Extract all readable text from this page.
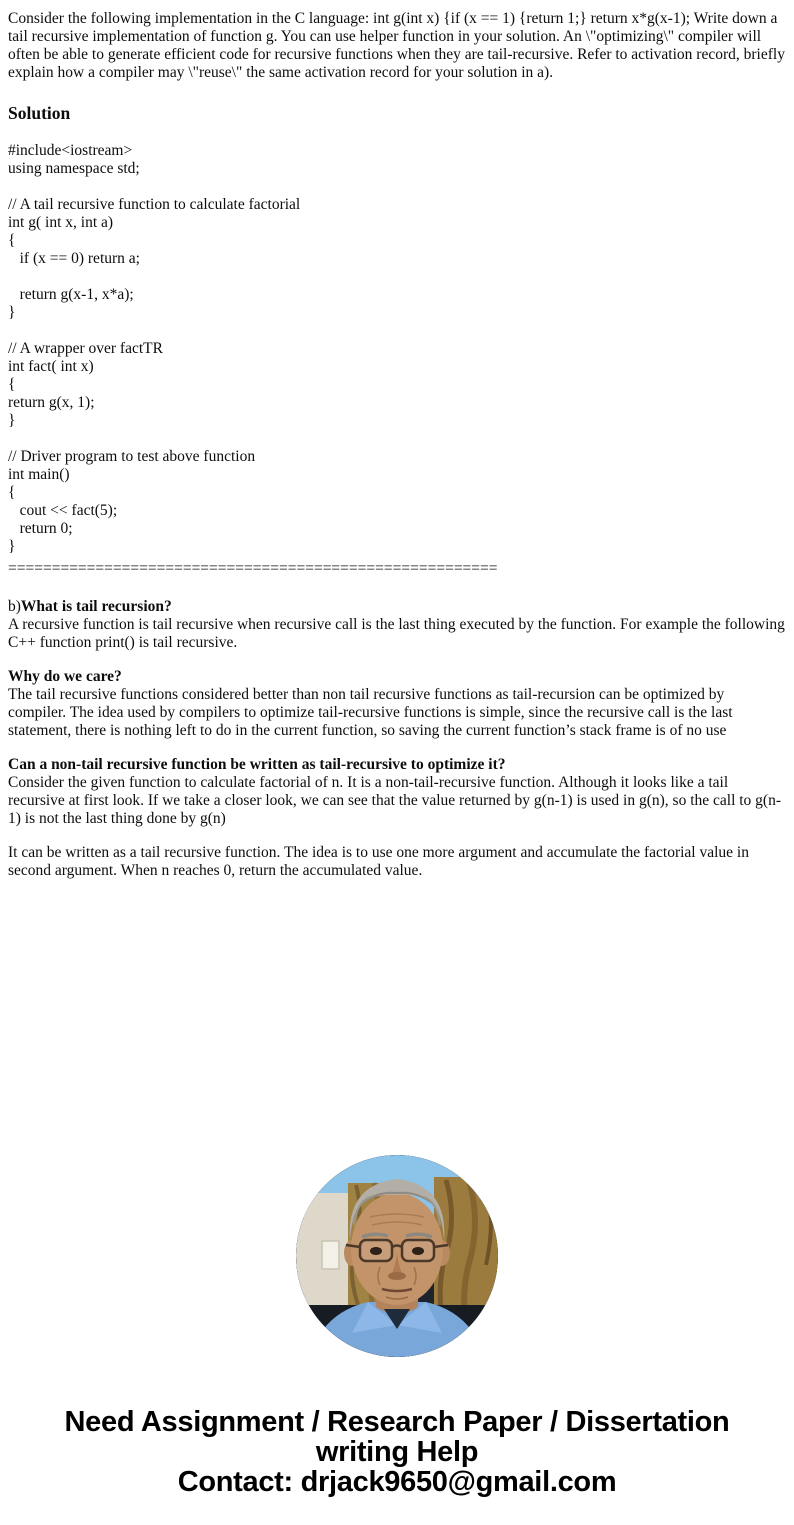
Consider the following implementation in the C language: int g(int x) {if (x == 1) {return 1;} return x*g(x-1); Write down a tail recursive implementation of function g. You can use helper function in your solution. An \"optimizing\" compiler will often be able to generate efficient code for recursive functions when they are tail-recursive. Refer to activation record, briefly explain how a compiler may \"reuse\" the same activation record for your solution in a).

Solution
#include<iostream>
using namespace std;
// A tail recursive function to calculate factorial
int g( int x, int a)
{
if (x == 0) return a;
return g(x-1, x*a);
}
// A wrapper over factTR
int fact( int x)
{
return g(x, 1);
}
// Driver program to test above function
int main()
{
cout << fact(5);
return 0;
}

========================================================

b)What is tail recursion?
A recursive function is tail recursive when recursive call is the last thing executed by the function. For example the following C++ function print() is tail recursive.
Why do we care?
The tail recursive functions considered better than non tail recursive functions as tail-recursion can be optimized by compiler. The idea used by compilers to optimize tail-recursive functions is simple, since the recursive call is the last statement, there is nothing left to do in the current function, so saving the current function’s stack frame is of no use
Can a non-tail recursive function be written as tail-recursive to optimize it?
Consider the given function to calculate factorial of n. It is a non-tail-recursive function. Although it looks like a tail recursive at first look. If we take a closer look, we can see that the value returned by g(n-1) is used in g(n), so the call to g(n-1) is not the last thing done by g(n)

It can be written as a tail recursive function. The idea is to use one more argument and accumulate the factorial value in second argument. When n reaches 0, return the accumulated value.

Need Assignment / Research Paper / Dissertation
writing Help
Contact: drjack9650@gmail.com
